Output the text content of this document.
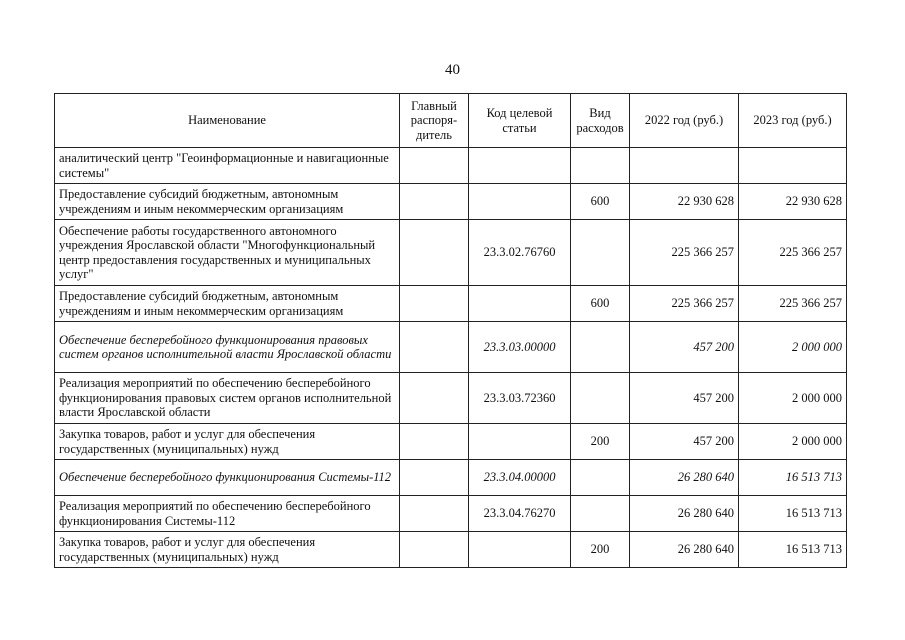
40
Наименование	Главный распоря-дитель	Код целевой статьи	Вид расходов	2022 год (руб.)	2023 год (руб.)
аналитический центр "Геоинформационные и навигационные системы"					
Предоставление субсидий бюджетным, автономным учреждениям и иным некоммерческим организациям			600	22 930 628	22 930 628
Обеспечение работы государственного автономного учреждения Ярославской области "Многофункциональный центр предоставления государственных и муниципальных услуг"		23.3.02.76760		225 366 257	225 366 257
Предоставление субсидий бюджетным, автономным учреждениям и иным некоммерческим организациям			600	225 366 257	225 366 257
Обеспечение бесперебойного функционирования правовых систем органов исполнительной власти Ярославской области		23.3.03.00000		457 200	2 000 000
Реализация мероприятий по обеспечению бесперебойного функционирования правовых систем органов исполнительной власти Ярославской области		23.3.03.72360		457 200	2 000 000
Закупка товаров, работ и услуг для обеспечения государственных (муниципальных) нужд			200	457 200	2 000 000
Обеспечение бесперебойного функционирования Системы-112		23.3.04.00000		26 280 640	16 513 713
Реализация мероприятий по обеспечению бесперебойного функционирования Системы-112		23.3.04.76270		26 280 640	16 513 713
Закупка товаров, работ и услуг для обеспечения государственных (муниципальных) нужд			200	26 280 640	16 513 713
